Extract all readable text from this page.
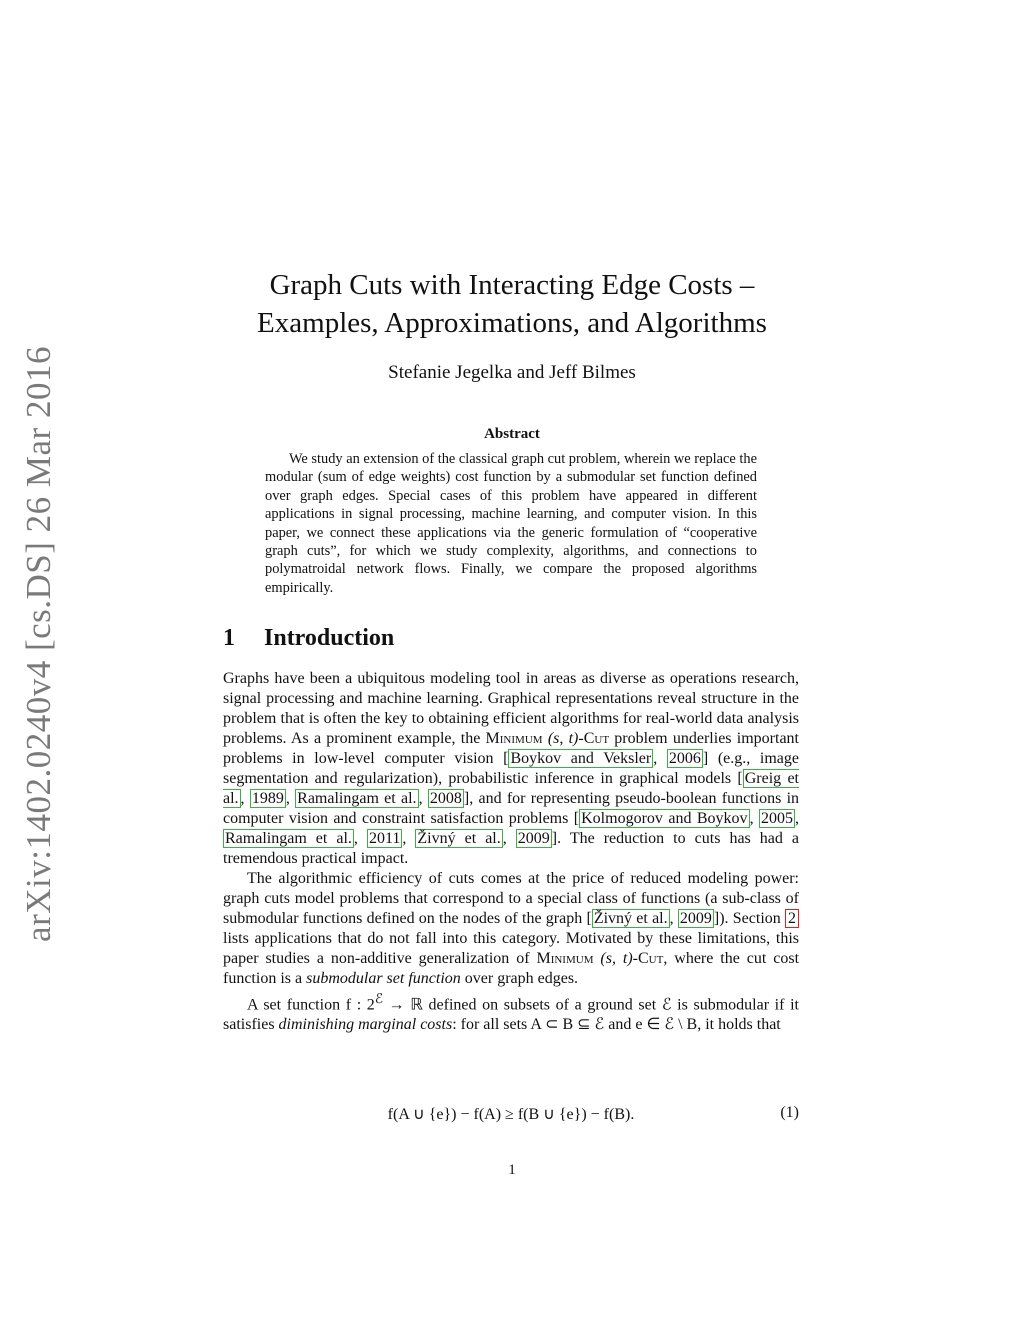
arXiv:1402.0240v4 [cs.DS] 26 Mar 2016
Graph Cuts with Interacting Edge Costs –
Examples, Approximations, and Algorithms
Stefanie Jegelka and Jeff Bilmes
Abstract

We study an extension of the classical graph cut problem, wherein we replace the modular (sum of edge weights) cost function by a submodular set function defined over graph edges. Special cases of this problem have appeared in different applications in signal processing, machine learning, and computer vision. In this paper, we connect these applications via the generic formulation of “cooperative graph cuts”, for which we study complexity, algorithms, and connections to polymatroidal network flows. Finally, we compare the proposed algorithms empirically.

1 Introduction

Graphs have been a ubiquitous modeling tool in areas as diverse as operations research, signal processing and machine learning. Graphical representations reveal structure in the problem that is often the key to obtaining efficient algorithms for real-world data analysis problems. As a prominent example, the Minimum (s, t)-Cut problem underlies important problems in low-level computer vision [ Boykov and Veksler , 2006 ] (e.g., image segmentation and regularization), probabilistic inference in graphical models [ Greig et al. , 1989 , Ramalingam et al. , 2008 ], and for representing pseudo-boolean functions in computer vision and constraint satisfaction problems [ Kolmogorov and Boykov , 2005 , Ramalingam et al. , 2011 , Živný et al. , 2009 ]. The reduction to cuts has had a tremendous practical impact.

The algorithmic efficiency of cuts comes at the price of reduced modeling power: graph cuts model problems that correspond to a special class of functions (a sub-class of submodular functions defined on the nodes of the graph [ Živný et al. , 2009 ]). Section 2 lists applications that do not fall into this category. Motivated by these limitations, this paper studies a non-additive generalization of Minimum (s, t)-Cut, where the cut cost function is a submodular set function over graph edges.

A set function f : $2^ℰ$ → ℝ defined on subsets of a ground set ℰ is submodular if it satisfies diminishing marginal costs: for all sets A ⊂ B ⊆ ℰ and e ∈ ℰ \ B, it holds that

f(A ∪ {e}) − f(A) ≥ f(B ∪ {e}) − f(B).	(1)
1
